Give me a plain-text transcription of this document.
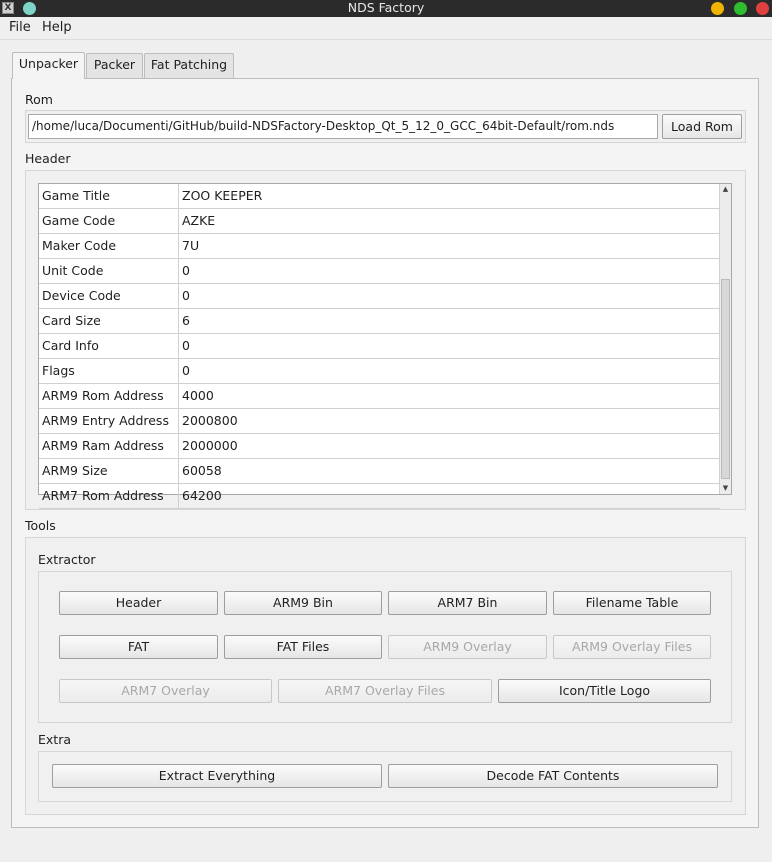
X	NDS Factory
File Help
Unpacker	Packer	Fat Patching
Rom
/home/luca/Documenti/GitHub/build-NDSFactory-Desktop_Qt_5_12_0_GCC_64bit-Default/rom.nds	Load Rom
Header
Game Title	ZOO KEEPER
Game Code	AZKE
Maker Code	7U
Unit Code	0
Device Code	0
Card Size	6
Card Info	0
Flags	0
ARM9 Rom Address	4000
ARM9 Entry Address	2000800
ARM9 Ram Address	2000000
ARM9 Size	60058
ARM7 Rom Address	64200
▲
▼
Tools
Extractor
Header	ARM9 Bin	ARM7 Bin	Filename Table
FAT	FAT Files	ARM9 Overlay	ARM9 Overlay Files
ARM7 Overlay	ARM7 Overlay Files	Icon/Title Logo
Extra
Extract Everything	Decode FAT Contents
